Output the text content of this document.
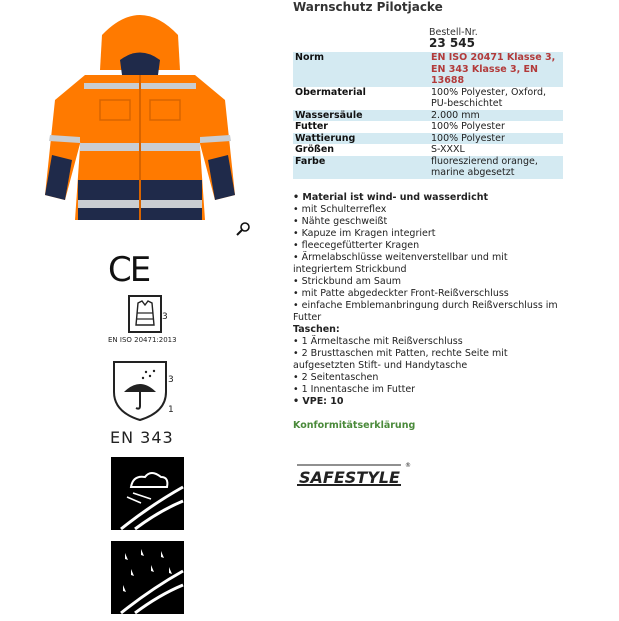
CE
3
EN ISO 20471:2013
3
1
EN 343
Warnschutz Pilotjacke
Bestell-Nr.
23 545
Norm	EN ISO 20471 Klasse 3, EN 343 Klasse 3, EN 13688
Obermaterial	100% Polyester, Oxford, PU-beschichtet
Wassersäule	2.000 mm
Futter	100% Polyester
Wattierung	100% Polyester
Größen	S-XXXL
Farbe	fluoreszierend orange, marine abgesetzt
• Material ist wind- und wasserdicht
• mit Schulterreflex
• Nähte geschweißt
• Kapuze im Kragen integriert
• fleecegefütterter Kragen
• Ärmelabschlüsse weitenverstellbar und mit integriertem Strickbund
• Strickbund am Saum
• mit Patte abgedeckter Front-Reißverschluss
• einfache Emblemanbringung durch Reißverschluss im Futter
Taschen:
• 1 Ärmeltasche mit Reißverschluss
• 2 Brusttaschen mit Patten, rechte Seite mit aufgesetzten Stift- und Handytasche
• 2 Seitentaschen
• 1 Innentasche im Futter
• VPE: 10
Konformitätserklärung
SAFESTYLE
®
